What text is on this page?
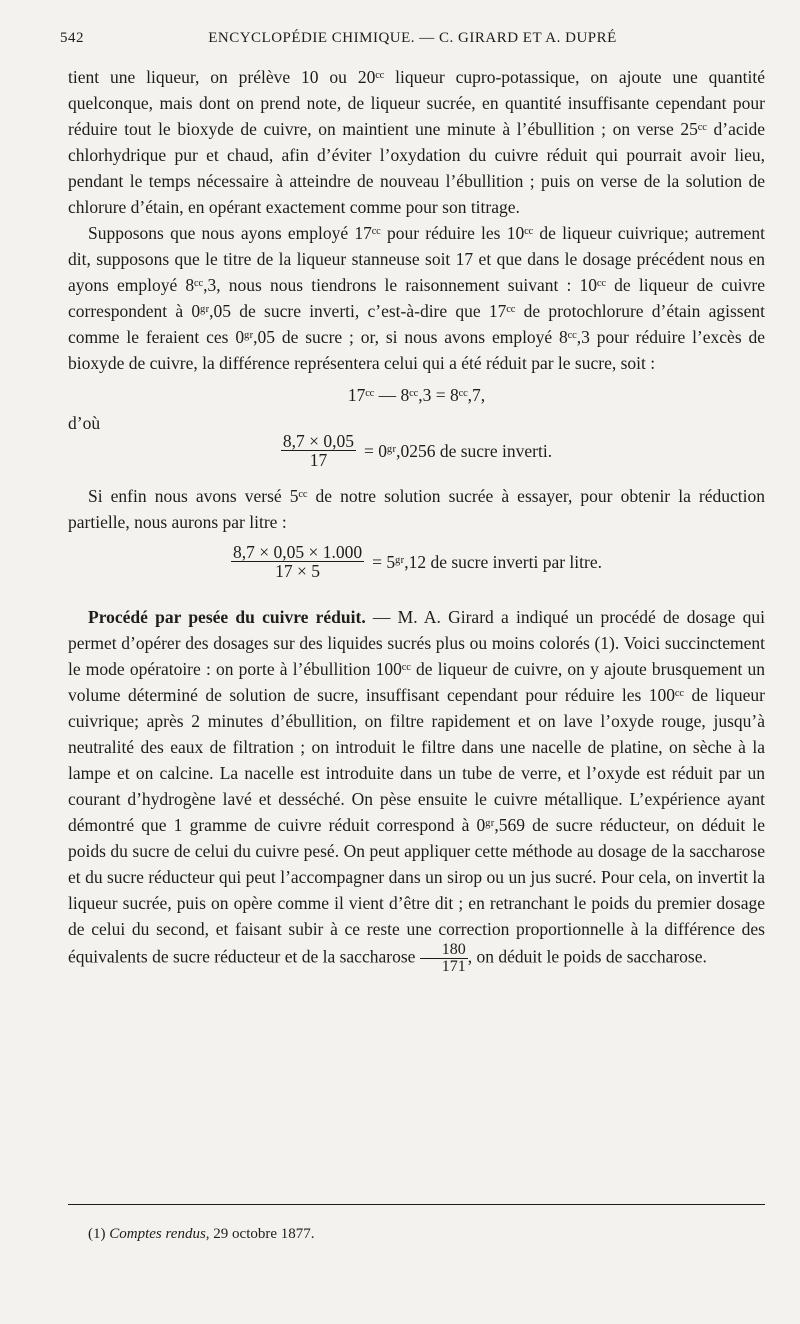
542	ENCYCLOPÉDIE CHIMIQUE. — C. GIRARD ET A. DUPRÉ

tient une liqueur, on prélève 10 ou 20ᶜᶜ liqueur cupro-potassique, on ajoute une quantité quelconque, mais dont on prend note, de liqueur sucrée, en quantité insuffisante cependant pour réduire tout le bioxyde de cuivre, on maintient une minute à l’ébullition ; on verse 25ᶜᶜ d’acide chlorhydrique pur et chaud, afin d’éviter l’oxydation du cuivre réduit qui pourrait avoir lieu, pendant le temps nécessaire à atteindre de nouveau l’ébullition ; puis on verse de la solution de chlorure d’étain, en opérant exactement comme pour son titrage.

Supposons que nous ayons employé 17ᶜᶜ pour réduire les 10ᶜᶜ de liqueur cuivrique; autrement dit, supposons que le titre de la liqueur stanneuse soit 17 et que dans le dosage précédent nous en ayons employé 8ᶜᶜ,3, nous nous tiendrons le raisonnement suivant : 10ᶜᶜ de liqueur de cuivre correspondent à 0ᵍʳ,05 de sucre inverti, c’est-à-dire que 17ᶜᶜ de protochlorure d’étain agissent comme le feraient ces 0ᵍʳ,05 de sucre ; or, si nous avons employé 8ᶜᶜ,3 pour réduire l’excès de bioxyde de cuivre, la différence représentera celui qui a été réduit par le sucre, soit :

17ᶜᶜ — 8ᶜᶜ,3 = 8ᶜᶜ,7,

d’où

$\frac{8,7 \times 0,05}{17}$ = 0ᵍʳ,0256 de sucre inverti.

Si enfin nous avons versé 5ᶜᶜ de notre solution sucrée à essayer, pour obtenir la réduction partielle, nous aurons par litre :

$\frac{8,7 \times 0,05 \times 1.000}{17 \times 5}$ = 5ᵍʳ,12 de sucre inverti par litre.

Procédé par pesée du cuivre réduit. — M. A. Girard a indiqué un procédé de dosage qui permet d’opérer des dosages sur des liquides sucrés plus ou moins colorés (1). Voici succinctement le mode opératoire : on porte à l’ébullition 100ᶜᶜ de liqueur de cuivre, on y ajoute brusquement un volume déterminé de solution de sucre, insuffisant cependant pour réduire les 100ᶜᶜ de liqueur cuivrique; après 2 minutes d’ébullition, on filtre rapidement et on lave l’oxyde rouge, jusqu’à neutralité des eaux de filtration ; on introduit le filtre dans une nacelle de platine, on sèche à la lampe et on calcine. La nacelle est introduite dans un tube de verre, et l’oxyde est réduit par un courant d’hydrogène lavé et desséché. On pèse ensuite le cuivre métallique. L’expérience ayant démontré que 1 gramme de cuivre réduit correspond à 0ᵍʳ,569 de sucre réducteur, on déduit le poids du sucre de celui du cuivre pesé. On peut appliquer cette méthode au dosage de la saccharose et du sucre réducteur qui peut l’accompagner dans un sirop ou un jus sucré. Pour cela, on invertit la liqueur sucrée, puis on opère comme il vient d’être dit ; en retranchant le poids du premier dosage de celui du second, et faisant subir à ce reste une correction proportionnelle à la différence des équivalents de sucre réducteur et de la saccharose $\frac{180}{171}$ , on déduit le poids de saccharose.

(1) Comptes rendus, 29 octobre 1877.
